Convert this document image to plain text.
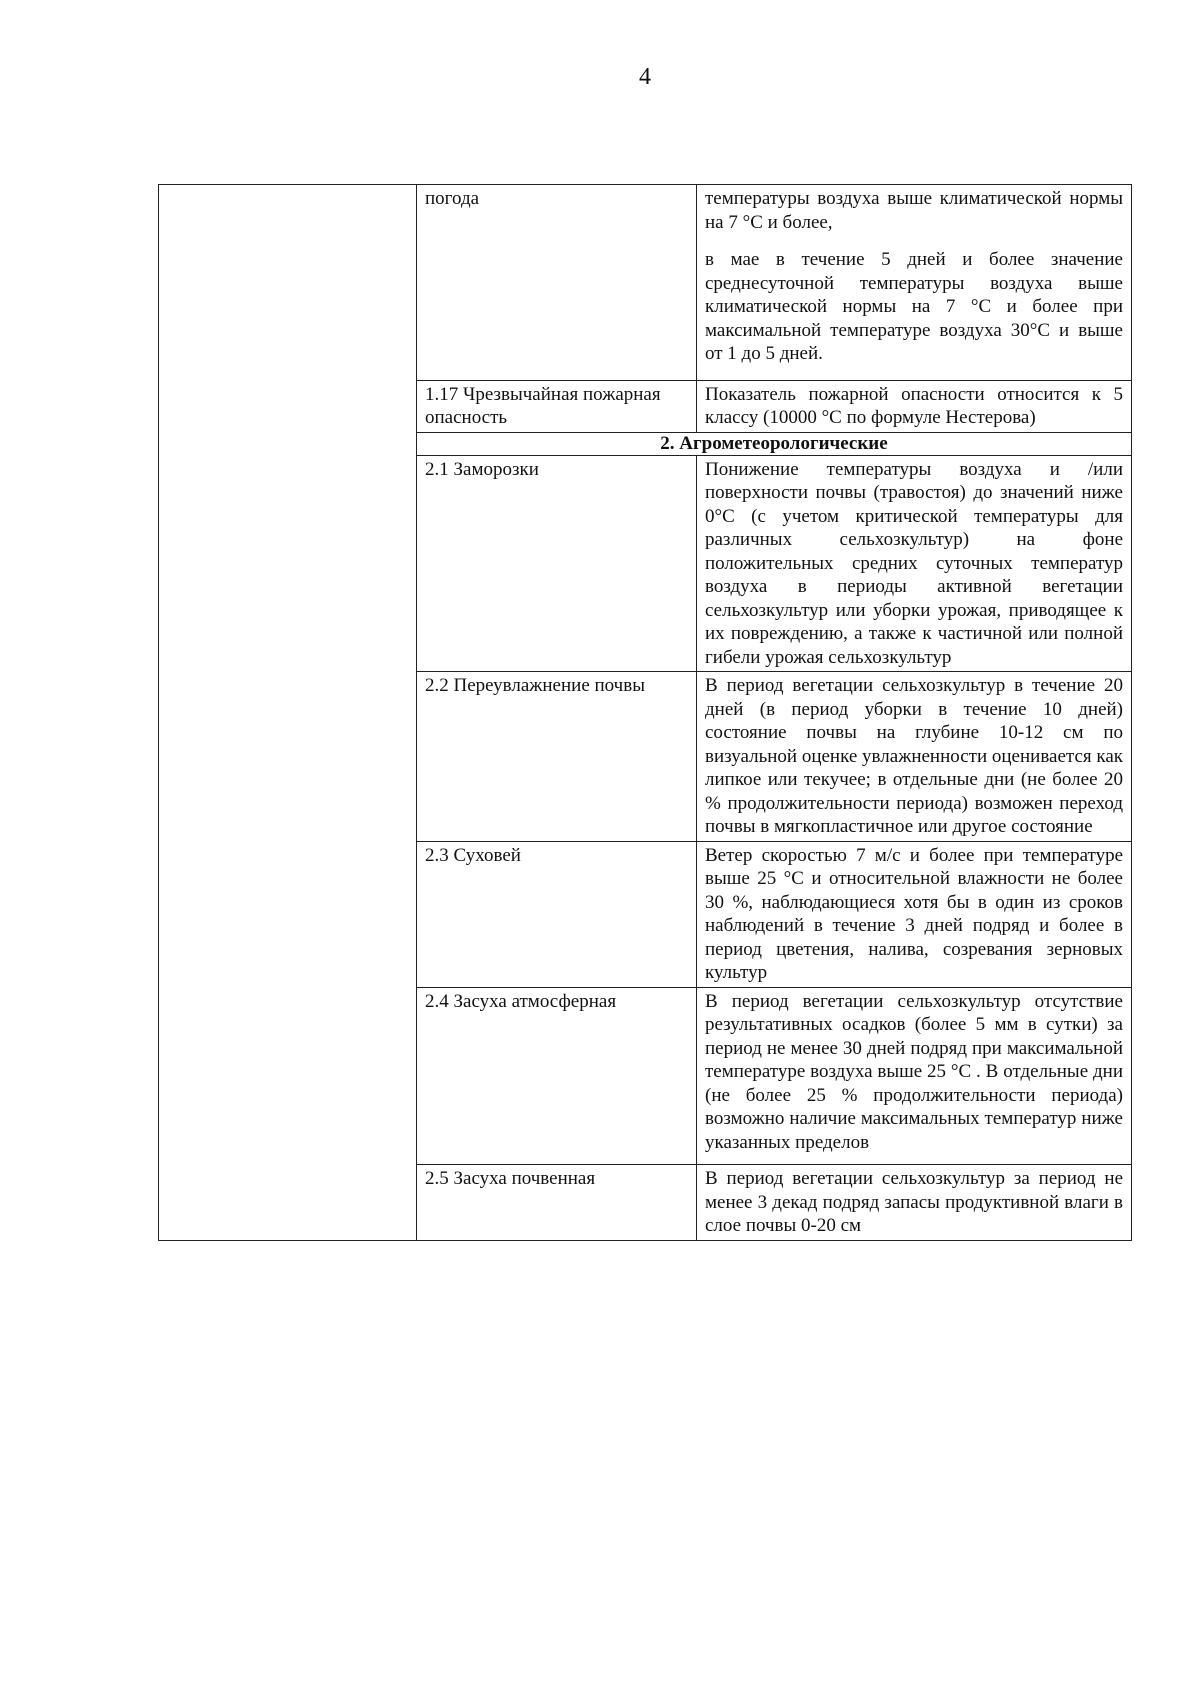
4
	погода	температуры воздуха выше климатической нормы на 7 °С и более,
в мае в течение 5 дней и более значение среднесуточной температуры воздуха выше климатической нормы на 7 °С и более при максимальной температуре воздуха 30°С и выше от 1 до 5 дней.

	1.17 Чрезвычайная пожарная опасность	Показатель пожарной опасности относится к 5 классу (10000 °С по формуле Нестерова)

	2. Агрометеорологические	
	2.1 Заморозки	Понижение температуры воздуха и /или поверхности почвы (травостоя) до значений ниже 0°С (с учетом критической температуры для различных сельхозкультур) на фоне положительных средних суточных температур воздуха в периоды активной вегетации сельхозкультур или уборки урожая, приводящее к их повреждению, а также к частичной или полной гибели урожая сельхозкультур

	2.2 Переувлажнение почвы	В период вегетации сельхозкультур в течение 20 дней (в период уборки в течение 10 дней) состояние почвы на глубине 10-12 см по визуальной оценке увлажненности оценивается как липкое или текучее; в отдельные дни (не более 20 % продолжительности периода) возможен переход почвы в мягкопластичное или другое состояние

	2.3 Суховей	Ветер скоростью 7 м/с и более при температуре выше 25 °С и относительной влажности не более 30 %, наблюдающиеся хотя бы в один из сроков наблюдений в течение 3 дней подряд и более в период цветения, налива, созревания зерновых культур

	2.4 Засуха атмосферная	В период вегетации сельхозкультур отсутствие результативных осадков (более 5 мм в сутки) за период не менее 30 дней подряд при максимальной температуре воздуха выше 25 °С . В отдельные дни (не более 25 % продолжительности периода) возможно наличие максимальных температур ниже указанных пределов

	2.5 Засуха почвенная	В период вегетации сельхозкультур за период не менее 3 декад подряд запасы продуктивной влаги в слое почвы 0-20 см
